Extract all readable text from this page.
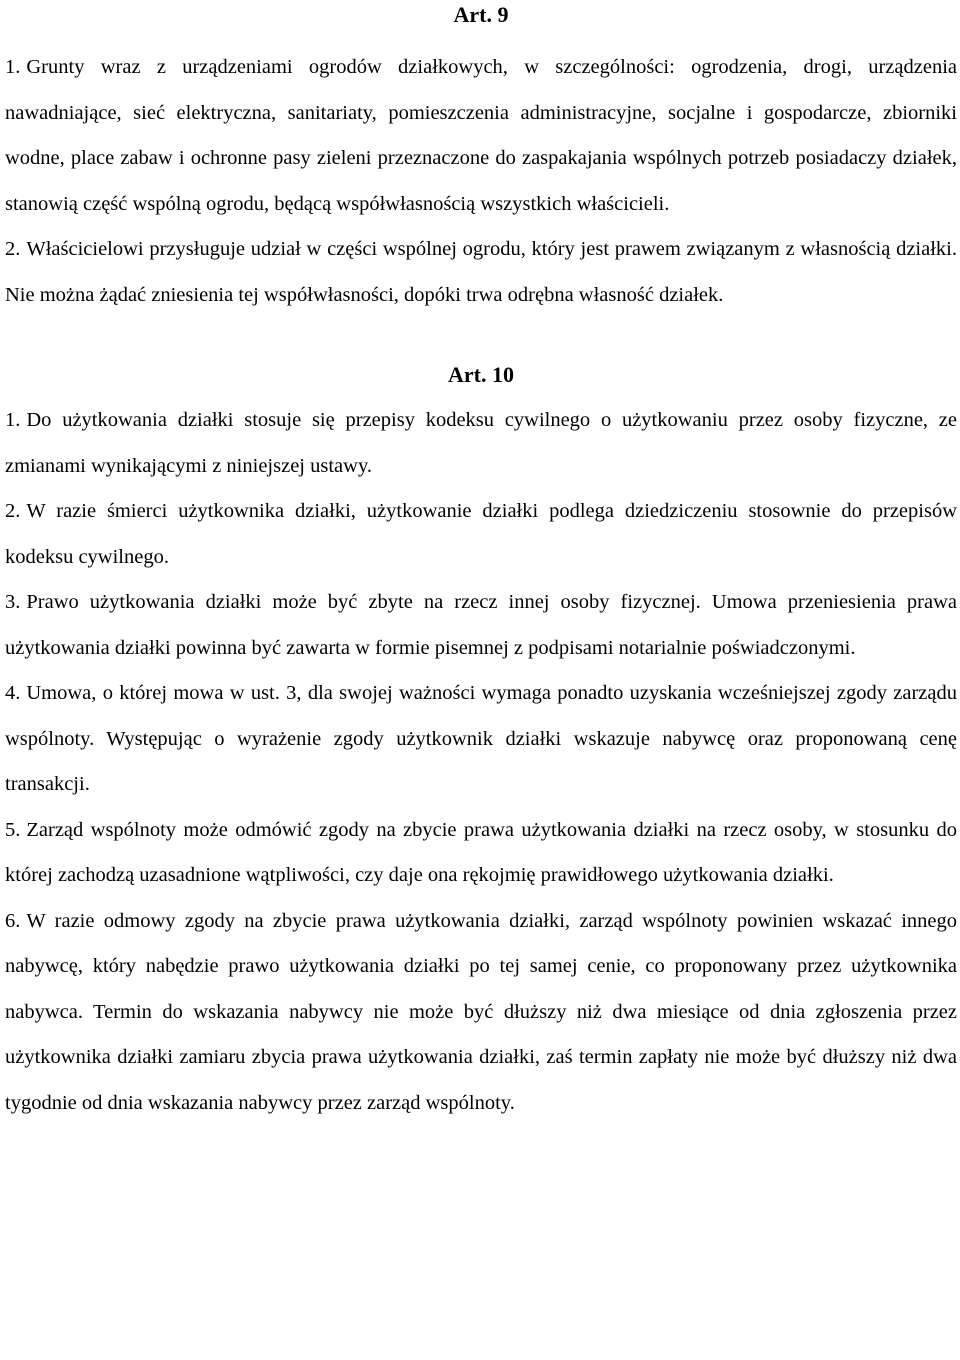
Art. 9

1. Grunty wraz z urządzeniami ogrodów działkowych, w szczególności: ogrodzenia, drogi, urządzenia nawadniające, sieć elektryczna, sanitariaty, pomieszczenia administracyjne, socjalne i gospodarcze, zbiorniki wodne, place zabaw i ochronne pasy zieleni przeznaczone do zaspakajania wspólnych potrzeb posiadaczy działek, stanowią część wspólną ogrodu, będącą współwłasnością wszystkich właścicieli.

2. Właścicielowi przysługuje udział w części wspólnej ogrodu, który jest prawem związanym z własnością działki. Nie można żądać zniesienia tej współwłasności, dopóki trwa odrębna własność działek.

Art. 10

1. Do użytkowania działki stosuje się przepisy kodeksu cywilnego o użytkowaniu przez osoby fizyczne, ze zmianami wynikającymi z niniejszej ustawy.

2. W razie śmierci użytkownika działki, użytkowanie działki podlega dziedziczeniu stosownie do przepisów kodeksu cywilnego.

3. Prawo użytkowania działki może być zbyte na rzecz innej osoby fizycznej. Umowa przeniesienia prawa użytkowania działki powinna być zawarta w formie pisemnej z podpisami notarialnie poświadczonymi.

4. Umowa, o której mowa w ust. 3, dla swojej ważności wymaga ponadto uzyskania wcześniejszej zgody zarządu wspólnoty. Występując o wyrażenie zgody użytkownik działki wskazuje nabywcę oraz proponowaną cenę transakcji.

5. Zarząd wspólnoty może odmówić zgody na zbycie prawa użytkowania działki na rzecz osoby, w stosunku do której zachodzą uzasadnione wątpliwości, czy daje ona rękojmię prawidłowego użytkowania działki.

6. W razie odmowy zgody na zbycie prawa użytkowania działki, zarząd wspólnoty powinien wskazać innego nabywcę, który nabędzie prawo użytkowania działki po tej samej cenie, co proponowany przez użytkownika nabywca. Termin do wskazania nabywcy nie może być dłuższy niż dwa miesiące od dnia zgłoszenia przez użytkownika działki zamiaru zbycia prawa użytkowania działki, zaś termin zapłaty nie może być dłuższy niż dwa tygodnie od dnia wskazania nabywcy przez zarząd wspólnoty.
